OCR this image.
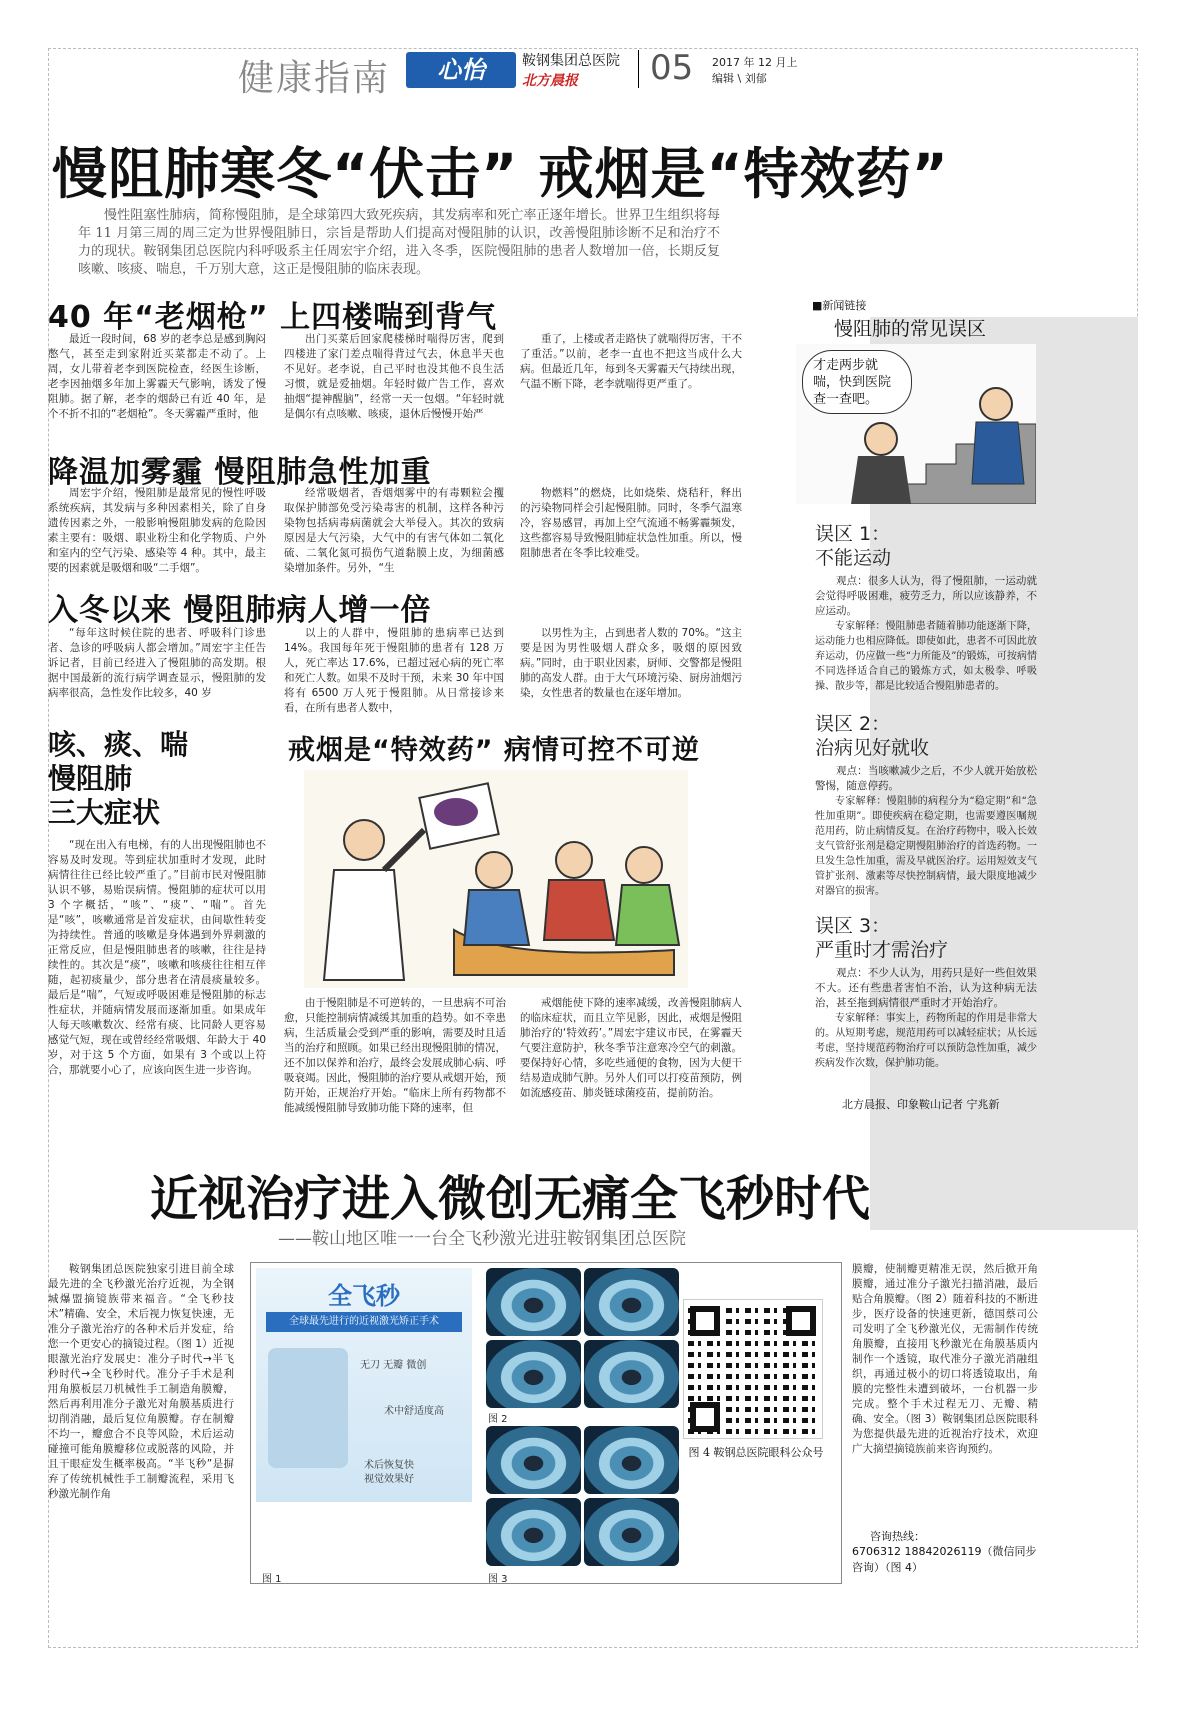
健康指南	心怡	鞍钢集团总医院
北方晨报 05 2017 年 12 月上
编辑 \ 刘郁
慢阻肺寒冬“伏击” 戒烟是“特效药”
慢性阻塞性肺病，简称慢阻肺，是全球第四大致死疾病，其发病率和死亡率正逐年增长。世界卫生组织将每年 11 月第三周的周三定为世界慢阻肺日，宗旨是帮助人们提高对慢阻肺的认识，改善慢阻肺诊断不足和治疗不力的现状。鞍钢集团总医院内科呼吸系主任周宏宇介绍，进入冬季，医院慢阻肺的患者人数增加一倍，长期反复咳嗽、咳痰、喘息，千万别大意，这正是慢阻肺的临床表现。
40 年“老烟枪” 上四楼喘到背气

最近一段时间，68 岁的老李总是感到胸闷憋气，甚至走到家附近买菜都走不动了。上周，女儿带着老李到医院检查，经医生诊断，老李因抽烟多年加上雾霾天气影响，诱发了慢阻肺。据了解，老李的烟龄已有近 40 年，是个不折不扣的“老烟枪”。冬天雾霾严重时，他

出门买菜后回家爬楼梯时喘得厉害，爬到四楼进了家门差点喘得背过气去，休息半天也不见好。老李说，自己平时也没其他不良生活习惯，就是爱抽烟。年轻时做广告工作，喜欢抽烟“提神醒脑”，经常一天一包烟。“年轻时就是偶尔有点咳嗽、咳痰，退休后慢慢开始严

重了，上楼或者走路快了就喘得厉害，干不了重活。”以前，老李一直也不把这当成什么大病。但最近几年，每到冬天雾霾天气持续出现，气温不断下降，老李就喘得更严重了。

降温加雾霾 慢阻肺急性加重

周宏宇介绍，慢阻肺是最常见的慢性呼吸系统疾病，其发病与多种因素相关，除了自身遗传因素之外，一般影响慢阻肺发病的危险因素主要有：吸烟、职业粉尘和化学物质、户外和室内的空气污染、感染等 4 种。其中，最主要的因素就是吸烟和吸“二手烟”。

经常吸烟者，香烟烟雾中的有毒颗粒会攫取保护肺部免受污染毒害的机制，这样各种污染物包括病毒病菌就会大举侵入。其次的致病原因是大气污染，大气中的有害气体如二氧化硫、二氧化氮可损伤气道黏膜上皮，为细菌感染增加条件。另外，“生

物燃料”的燃烧，比如烧柴、烧秸秆，释出的污染物同样会引起慢阻肺。同时，冬季气温寒冷，容易感冒，再加上空气流通不畅雾霾频发，这些都容易导致慢阻肺症状急性加重。所以，慢阻肺患者在冬季比较难受。

入冬以来 慢阻肺病人增一倍

“每年这时候住院的患者、呼吸科门诊患者、急诊的呼吸病人都会增加。”周宏宇主任告诉记者，目前已经进入了慢阻肺的高发期。根据中国最新的流行病学调查显示，慢阻肺的发病率很高，急性发作比较多，40 岁

以上的人群中，慢阻肺的患病率已达到 14%。我国每年死于慢阻肺的患者有 128 万人，死亡率达 17.6%，已超过冠心病的死亡率和死亡人数。如果不及时干预，未来 30 年中国将有 6500 万人死于慢阻肺。从日常接诊来看，在所有患者人数中，

以男性为主，占到患者人数的 70%。“这主要是因为男性吸烟人群众多，吸烟的原因致病。”同时，由于职业因素，厨师、交警都是慢阻肺的高发人群。由于大气环境污染、厨房油烟污染，女性患者的数量也在逐年增加。

咳、痰、喘
慢阻肺
三大症状

“现在出入有电梯，有的人出现慢阻肺也不容易及时发现。等到症状加重时才发现，此时病情往往已经比较严重了。”目前市民对慢阻肺认识不够，易贻误病情。慢阻肺的症状可以用 3 个字概括，“咳”、“痰”、“喘”。首先是“咳”，咳嗽通常是首发症状，由间歇性转变为持续性。普通的咳嗽是身体遇到外界刺激的正常反应，但是慢阻肺患者的咳嗽，往往是持续性的。其次是“痰”，咳嗽和咳痰往往相互伴随，起初痰量少，部分患者在清晨痰量较多。最后是“喘”，气短或呼吸困难是慢阻肺的标志性症状，并随病情发展而逐渐加重。如果成年人每天咳嗽数次、经常有痰、比同龄人更容易感觉气短，现在或曾经经常吸烟、年龄大于 40 岁，对于这 5 个方面，如果有 3 个或以上符合，那就要小心了，应该向医生进一步咨询。

戒烟是“特效药” 病情可控不可逆

由于慢阻肺是不可逆转的，一旦患病不可治愈，只能控制病情减缓其加重的趋势。如不幸患病，生活质量会受到严重的影响，需要及时且适当的治疗和照顾。如果已经出现慢阻肺的情况，还不加以保养和治疗，最终会发展成肺心病、呼吸衰竭。因此，慢阻肺的治疗要从戒烟开始，预防开始，正规治疗开始。“临床上所有药物都不能减缓慢阻肺导致肺功能下降的速率，但

戒烟能使下降的速率减缓，改善慢阻肺病人的临床症状，而且立竿见影，因此，戒烟是慢阻肺治疗的‘特效药’。”周宏宇建议市民，在雾霾天气要注意防护，秋冬季节注意寒冷空气的刺激。要保持好心情，多吃些通便的食物，因为大便干结易造成肺气肿。另外人们可以打疫苗预防，例如流感疫苗、肺炎链球菌疫苗，提前防治。

■新闻链接
慢阻肺的常见误区
才走两步就喘，快到医院查一查吧。
误区 1：
不能运动

观点：很多人认为，得了慢阻肺，一运动就会觉得呼吸困难，疲劳乏力，所以应该静养，不应运动。

专家解释：慢阻肺患者随着肺功能逐渐下降，运动能力也相应降低。即使如此，患者不可因此放弃运动，仍应做一些“力所能及”的锻炼，可按病情不同选择适合自己的锻炼方式，如太极拳、呼吸操、散步等，都是比较适合慢阻肺患者的。

误区 2：
治病见好就收

观点：当咳嗽减少之后，不少人就开始放松警惕，随意停药。

专家解释：慢阻肺的病程分为“稳定期”和“急性加重期”。即使疾病在稳定期，也需要遵医嘱规范用药，防止病情反复。在治疗药物中，吸入长效支气管舒张剂是稳定期慢阻肺治疗的首选药物。一旦发生急性加重，需及早就医治疗。运用短效支气管扩张剂、激素等尽快控制病情，最大限度地减少对器官的损害。

误区 3：
严重时才需治疗

观点：不少人认为，用药只是好一些但效果不大。还有些患者害怕不治，认为这种病无法治，甚至拖到病情很严重时才开始治疗。

专家解释：事实上，药物所起的作用是非常大的。从短期考虑，规范用药可以减轻症状；从长远考虑，坚持规范药物治疗可以预防急性加重，减少疾病发作次数，保护肺功能。

北方晨报、印象鞍山记者 宁兆新
近视治疗进入微创无痛全飞秒时代
——鞍山地区唯一一台全飞秒激光进驻鞍钢集团总医院

鞍钢集团总医院独家引进目前全球最先进的全飞秒激光治疗近视，为全钢城爆盟摘镜族带来福音。“全飞秒技术”精确、安全，术后视力恢复快速，无准分子激光治疗的各种术后并发症，给您一个更安心的摘镜过程。（图 1）近视眼激光治疗发展史：准分子时代→半飞秒时代→全飞秒时代。准分子手术是利用角膜板层刀机械性手工制造角膜瓣，然后再利用准分子激光对角膜基质进行切削消融，最后复位角膜瓣。存在制瓣不均一，瓣愈合不良等风险，术后运动碰撞可能角膜瓣移位或脱落的风险，并且干眼症发生概率极高。“半飞秒”是摒弃了传统机械性手工制瓣流程，采用飞秒激光制作角

全飞秒
全球最先进行的近视激光矫正手术
无刀 无瓣 微创
术中舒适度高
术后恢复快
视觉效果好
图 1
图 2
图 3
图 4 鞍钢总医院眼科公众号

膜瓣，使制瓣更精准无误，然后掀开角膜瓣，通过准分子激光扫描消融，最后贴合角膜瓣。（图 2）随着科技的不断进步，医疗设备的快速更新，德国蔡司公司发明了全飞秒激光仪，无需制作传统角膜瓣，直接用飞秒激光在角膜基质内制作一个透镜，取代准分子激光消融组织，再通过极小的切口将透镜取出，角膜的完整性未遭到破坏，一台机器一步完成。整个手术过程无刀、无瓣、精确、安全。（图 3）鞍钢集团总医院眼科为您提供最先进的近视治疗技术，欢迎广大摘望摘镜族前来咨询预约。

咨询热线：
6706312 18842026119（微信同步咨询）（图 4）
